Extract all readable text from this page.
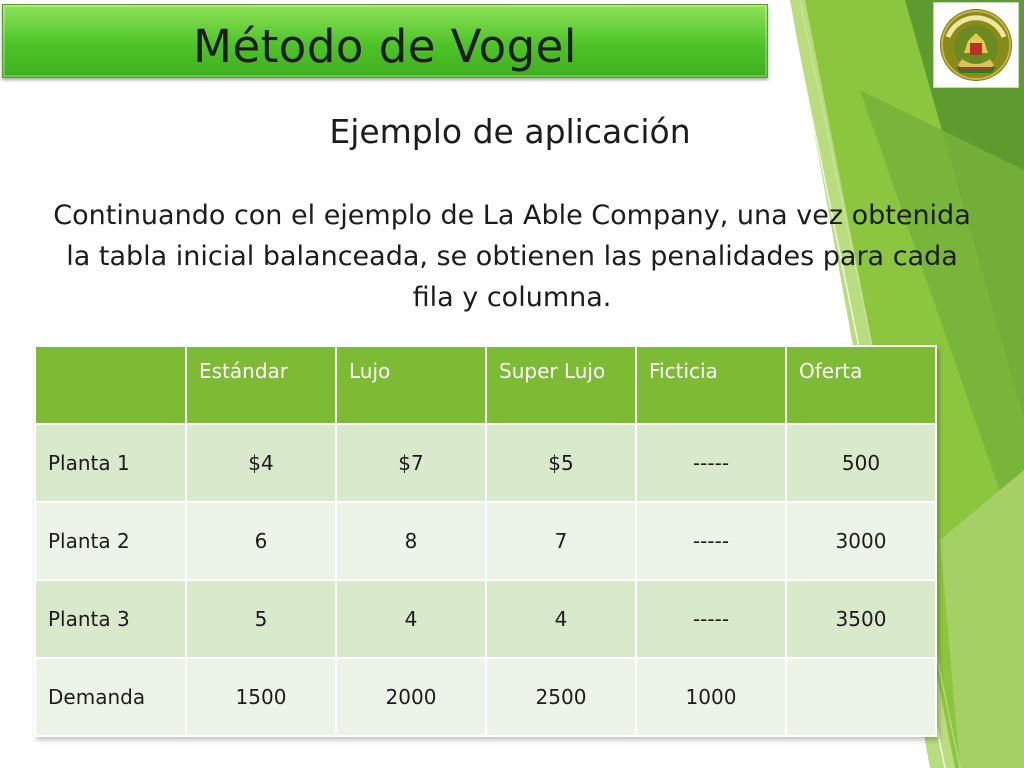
Método de Vogel
Ejemplo de aplicación
Continuando con el ejemplo de La Able Company, una vez obtenida la tabla inicial balanceada, se obtienen las penalidades para cada fila y columna.
	Estándar	Lujo	Super Lujo	Ficticia	Oferta
Planta 1	$4	$7	$5	-----	500
Planta 2	6	8	7	-----	3000
Planta 3	5	4	4	-----	3500
Demanda	1500	2000	2500	1000	
